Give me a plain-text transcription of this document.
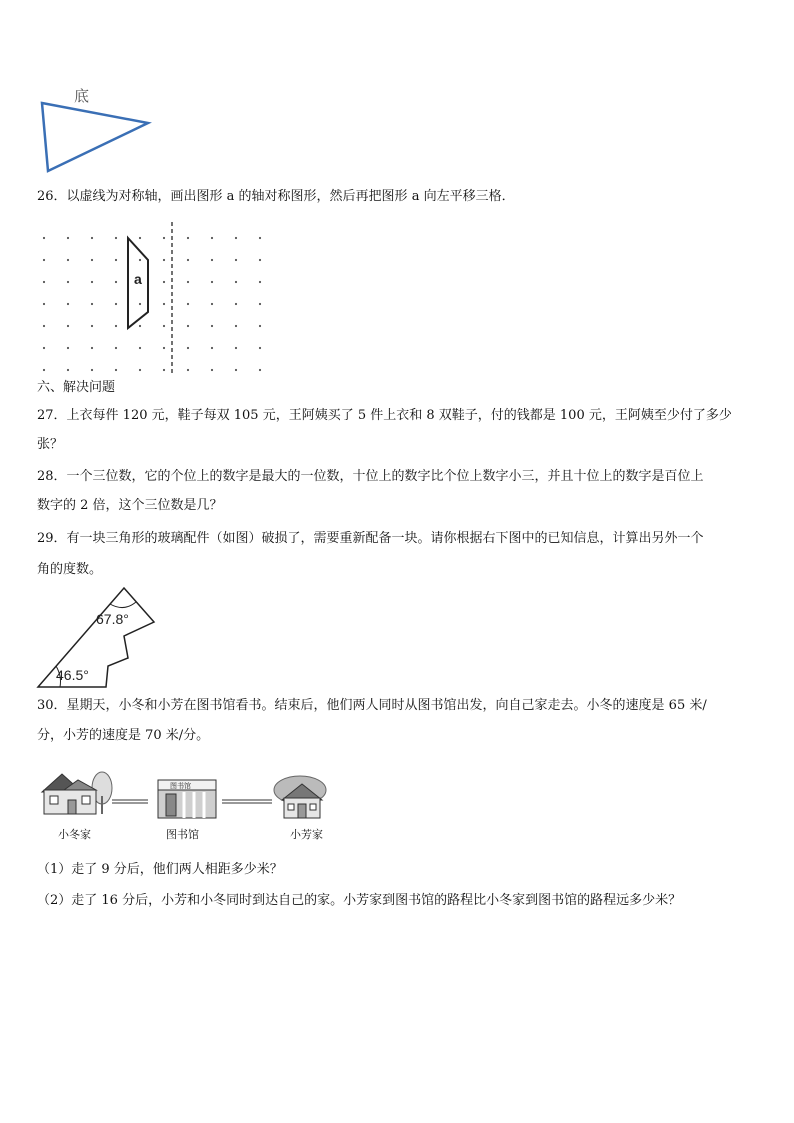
底
26．以虚线为对称轴，画出图形 a 的轴对称图形，然后再把图形 a 向左平移三格．
a
六、解决问题
27．上衣每件 120 元，鞋子每双 105 元，王阿姨买了 5 件上衣和 8 双鞋子，付的钱都是 100 元，王阿姨至少付了多少
张？
28．一个三位数，它的个位上的数字是最大的一位数，十位上的数字比个位上数字小三，并且十位上的数字是百位上
数字的 2 倍，这个三位数是几？
29．有一块三角形的玻璃配件（如图）破损了，需要重新配备一块。请你根据右下图中的已知信息，计算出另外一个
角的度数。
67.8°
46.5°
30．星期天，小冬和小芳在图书馆看书。结束后，他们两人同时从图书馆出发，向自己家走去。小冬的速度是 65 米/
分，小芳的速度是 70 米/分。
图书馆
小冬家	图书馆	小芳家
（1）走了 9 分后，他们两人相距多少米？
（2）走了 16 分后，小芳和小冬同时到达自己的家。小芳家到图书馆的路程比小冬家到图书馆的路程远多少米？
